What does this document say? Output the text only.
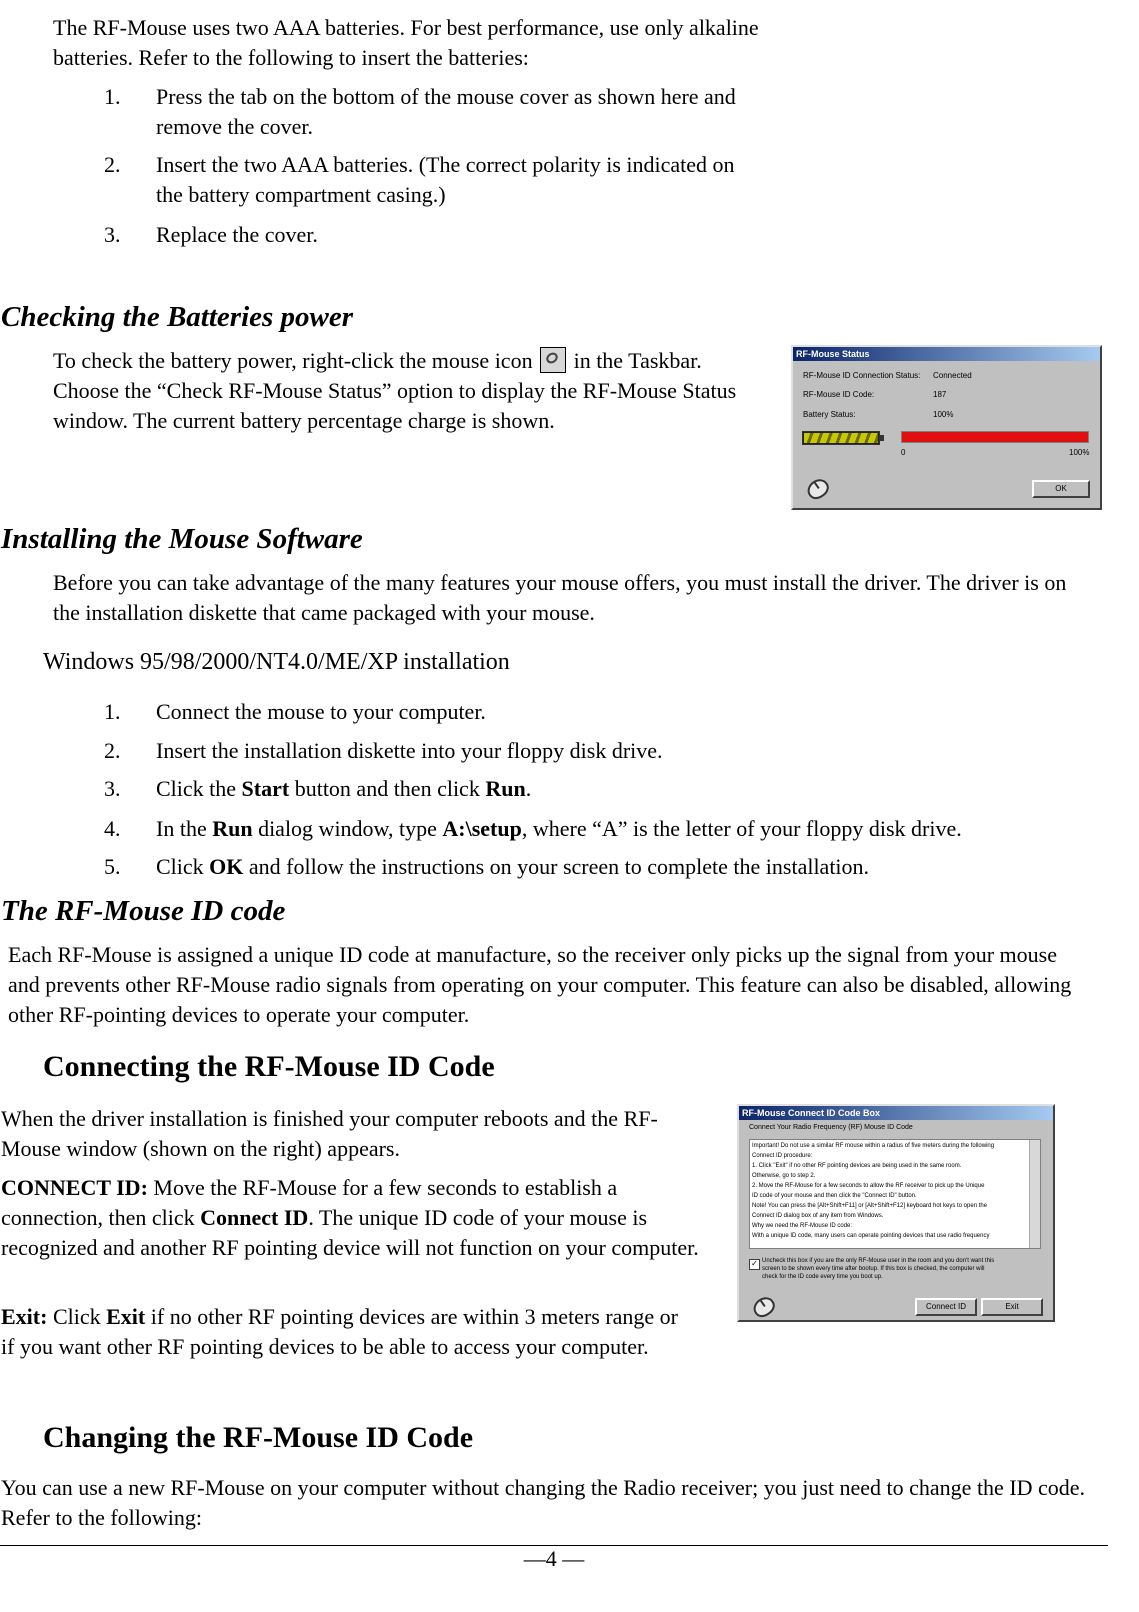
The RF-Mouse uses two AAA batteries. For best performance, use only alkaline batteries. Refer to the following to insert the batteries:
1.	Press the tab on the bottom of the mouse cover as shown here and remove the cover.
2.	Insert the two AAA batteries. (The correct polarity is indicated on the battery compartment casing.)
3.	Replace the cover.
Checking the Batteries power
To check the battery power, right-click the mouse icon in the Taskbar. Choose the “Check RF-Mouse Status” option to display the RF-Mouse Status window. The current battery percentage charge is shown.
RF-Mouse Status
RF-Mouse ID Connection Status: Connected
RF-Mouse ID Code:	187
Battery Status:	100%
0	100%
OK
Installing the Mouse Software
Before you can take advantage of the many features your mouse offers, you must install the driver. The driver is on the installation diskette that came packaged with your mouse.
Windows 95/98/2000/NT4.0/ME/XP installation
1.	Connect the mouse to your computer.
2.	Insert the installation diskette into your floppy disk drive.
3.	Click the Start button and then click Run.
4.	In the Run dialog window, type A:\setup, where “A” is the letter of your floppy disk drive.
5.	Click OK and follow the instructions on your screen to complete the installation.
The RF-Mouse ID code
Each RF-Mouse is assigned a unique ID code at manufacture, so the receiver only picks up the signal from your mouse and prevents other RF-Mouse radio signals from operating on your computer. This feature can also be disabled, allowing other RF-pointing devices to operate your computer.
Connecting the RF-Mouse ID Code
When the driver installation is finished your computer reboots and the RF-Mouse window (shown on the right) appears.
CONNECT ID: Move the RF-Mouse for a few seconds to establish a connection, then click Connect ID. The unique ID code of your mouse is recognized and another RF pointing device will not function on your computer.
Exit: Click Exit if no other RF pointing devices are within 3 meters range or if you want other RF pointing devices to be able to access your computer.
RF-Mouse Connect ID Code Box
Connect Your Radio Frequency (RF) Mouse ID Code
Important! Do not use a similar RF mouse within a radius of five meters during the following
Connect ID procedure:
1. Click "Exit" if no other RF pointing devices are being used in the same room.
Otherwise, go to step 2.
2. Move the RF-Mouse for a few seconds to allow the RF receiver to pick up the Unique
ID code of your mouse and then click the "Connect ID" button.
Note! You can press the [Alt+Shift+F11] or [Alt+Shift+F12] keyboard hot keys to open the
Connect ID dialog box of any item from Windows.
Why we need the RF-Mouse ID code:
With a unique ID code, many users can operate pointing devices that use radio frequency
✓ Uncheck this box if you are the only RF-Mouse user in the room and you don't want this
screen to be shown every time after bootup. If this box is checked, the computer will
check for the ID code every time you boot up.
Connect ID	Exit
Changing the RF-Mouse ID Code
You can use a new RF-Mouse on your computer without changing the Radio receiver; you just need to change the ID code. Refer to the following:
—4 —
